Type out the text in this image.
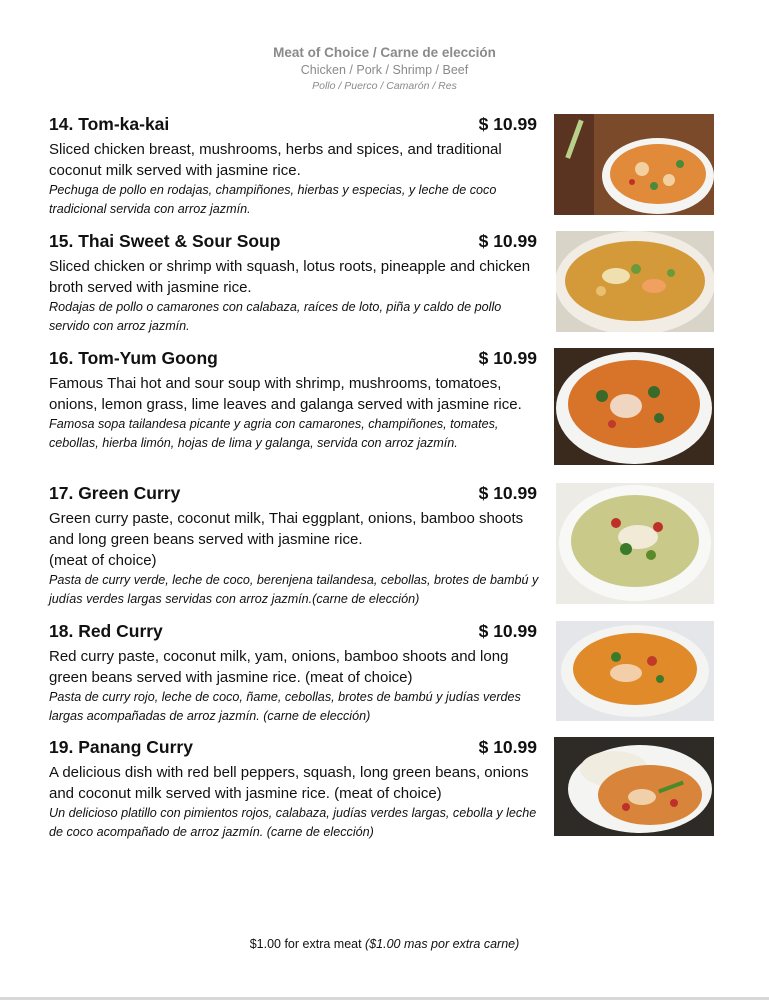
Meat of Choice / Carne de elección
Chicken / Pork / Shrimp / Beef
Pollo / Puerco / Camarón / Res
14. Tom-ka-kai	$ 10.99
Sliced chicken breast, mushrooms, herbs and spices, and traditional coconut milk served with jasmine rice.
Pechuga de pollo en rodajas, champiñones, hierbas y especias, y leche de coco tradicional servida con arroz jazmín.
15. Thai Sweet & Sour Soup	$ 10.99
Sliced chicken or shrimp with squash, lotus roots, pineapple and chicken broth served with jasmine rice.
Rodajas de pollo o camarones con calabaza, raíces de loto, piña y caldo de pollo servido con arroz jazmín.
16. Tom-Yum Goong	$ 10.99
Famous Thai hot and sour soup with shrimp, mushrooms, tomatoes, onions, lemon grass, lime leaves and galanga served with jasmine rice.
Famosa sopa tailandesa picante y agria con camarones, champiñones, tomates, cebollas, hierba limón, hojas de lima y galanga, servida con arroz jazmín.
17. Green Curry	$ 10.99
Green curry paste, coconut milk, Thai eggplant, onions, bamboo shoots and long green beans served with jasmine rice.
(meat of choice)
Pasta de curry verde, leche de coco, berenjena tailandesa, cebollas, brotes de bambú y judías verdes largas servidas con arroz jazmín.(carne de elección)
18. Red Curry	$ 10.99
Red curry paste, coconut milk, yam, onions, bamboo shoots and long green beans served with jasmine rice. (meat of choice)
Pasta de curry rojo, leche de coco, ñame, cebollas, brotes de bambú y judías verdes largas acompañadas de arroz jazmín. (carne de elección)
19. Panang Curry	$ 10.99
A delicious dish with red bell peppers, squash, long green beans, onions and coconut milk served with jasmine rice. (meat of choice)
Un delicioso platillo con pimientos rojos, calabaza, judías verdes largas, cebolla y leche de coco acompañado de arroz jazmín. (carne de elección)
$1.00 for extra meat ($1.00 mas por extra carne)
